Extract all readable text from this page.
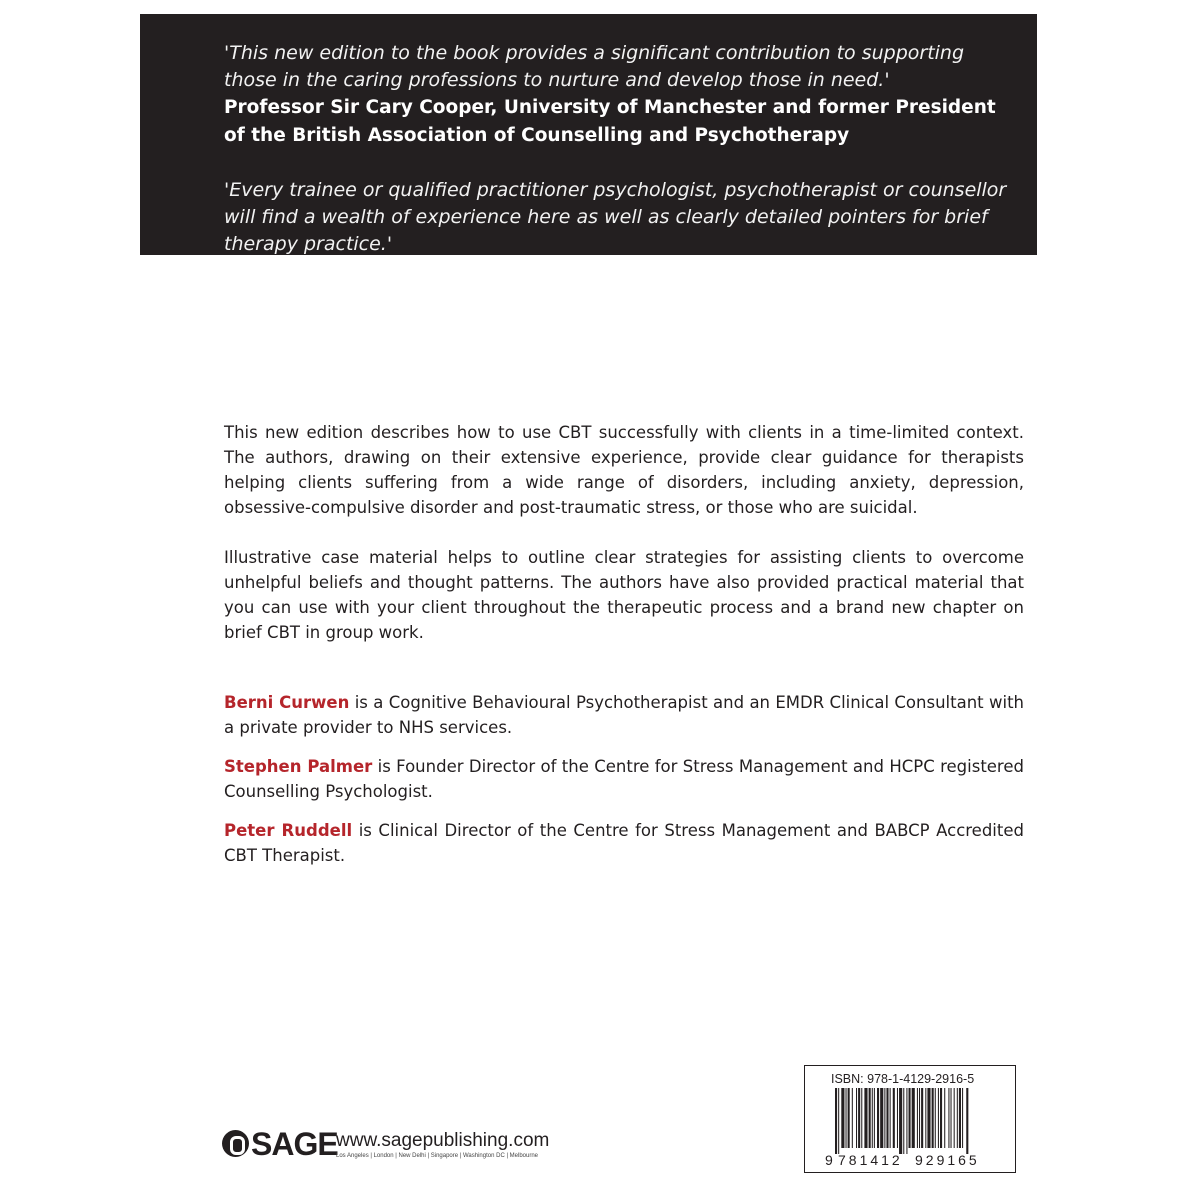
'This new edition to the book provides a significant contribution to supporting those in the caring professions to nurture and develop those in need.'

Professor Sir Cary Cooper, University of Manchester and former President of the British Association of Counselling and Psychotherapy

'Every trainee or qualified practitioner psychologist, psychotherapist or counsellor will find a wealth of experience here as well as clearly detailed pointers for brief therapy practice.'

Robert Bor, Consultant Clinical Psychologist, Royal Free Hospital

This new edition describes how to use CBT successfully with clients in a time-limited context. The authors, drawing on their extensive experience, provide clear guidance for therapists helping clients suffering from a wide range of disorders, including anxiety, depression, obsessive-compulsive disorder and post-traumatic stress, or those who are suicidal.

Illustrative case material helps to outline clear strategies for assisting clients to overcome unhelpful beliefs and thought patterns. The authors have also provided practical material that you can use with your client throughout the therapeutic process and a brand new chapter on brief CBT in group work.

Berni Curwen is a Cognitive Behavioural Psychotherapist and an EMDR Clinical Consultant with a private provider to NHS services.

Stephen Palmer is Founder Director of the Centre for Stress Management and HCPC registered Counselling Psychologist.

Peter Ruddell is Clinical Director of the Centre for Stress Management and BABCP Accredited CBT Therapist.

SAGE
www.sagepublishing.com
Los Angeles | London | New Delhi | Singapore | Washington DC | Melbourne
ISBN: 978-1-4129-2916-5
9 781412 929165
